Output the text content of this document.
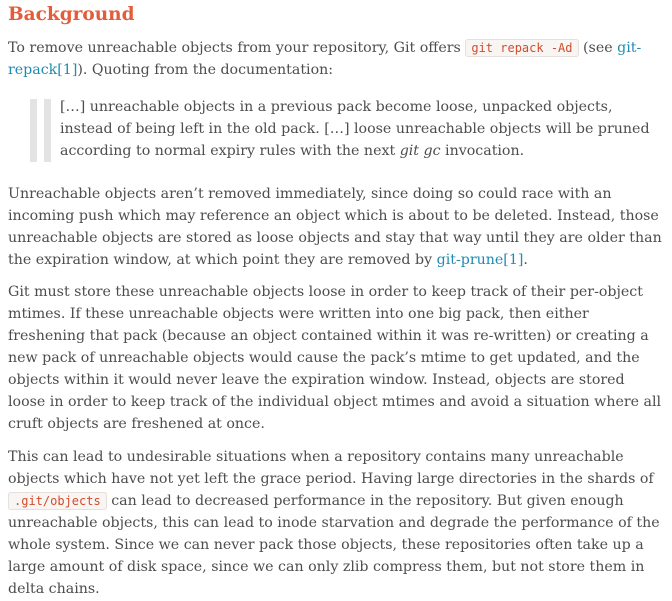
Background

To remove unreachable objects from your repository, Git offers git repack -Ad (see git-repack[1]). Quoting from the documentation:

[…] unreachable objects in a previous pack become loose, unpacked objects, instead of being left in the old pack. […] loose unreachable objects will be pruned according to normal expiry rules with the next git gc invocation.

Unreachable objects aren’t removed immediately, since doing so could race with an incoming push which may reference an object which is about to be deleted. Instead, those unreachable objects are stored as loose objects and stay that way until they are older than the expiration window, at which point they are removed by git-prune[1].

Git must store these unreachable objects loose in order to keep track of their per-object mtimes. If these unreachable objects were written into one big pack, then either freshening that pack (because an object contained within it was re-written) or creating a new pack of unreachable objects would cause the pack’s mtime to get updated, and the objects within it would never leave the expiration window. Instead, objects are stored loose in order to keep track of the individual object mtimes and avoid a situation where all cruft objects are freshened at once.

This can lead to undesirable situations when a repository contains many unreachable objects which have not yet left the grace period. Having large directories in the shards of .git/objects can lead to decreased performance in the repository. But given enough unreachable objects, this can lead to inode starvation and degrade the performance of the whole system. Since we can never pack those objects, these repositories often take up a large amount of disk space, since we can only zlib compress them, but not store them in delta chains.
